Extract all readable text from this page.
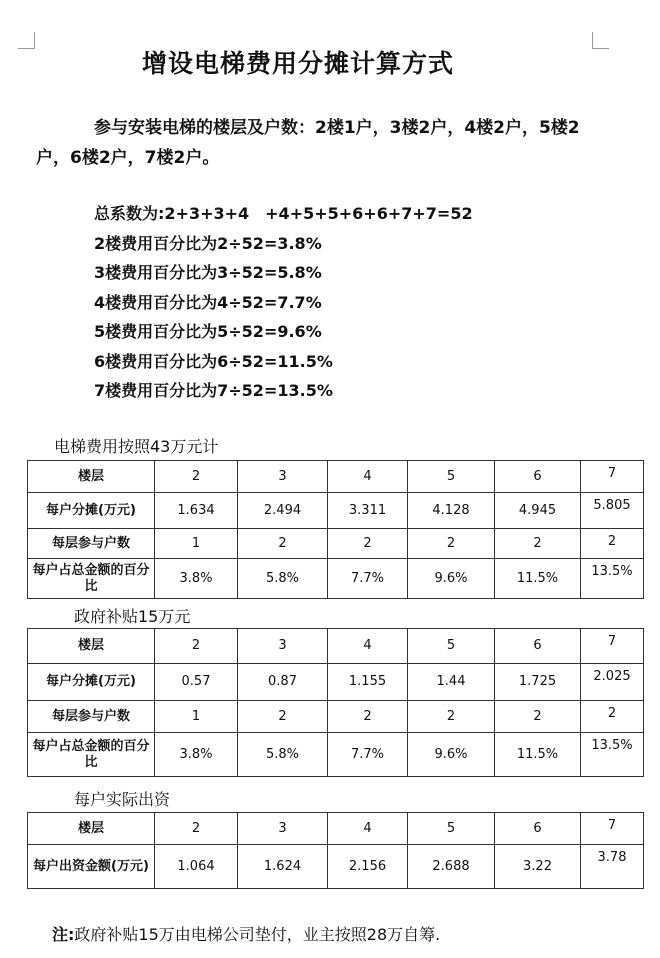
增设电梯费用分摊计算方式
参与安装电梯的楼层及户数：2楼1户，3楼2户，4楼2户，5楼2户，6楼2户，7楼2户。
总系数为:2+3+3+4　+4+5+5+6+6+7+7=52
2楼费用百分比为2÷52=3.8%
3楼费用百分比为3÷52=5.8%
4楼费用百分比为4÷52=7.7%
5楼费用百分比为5÷52=9.6%
6楼费用百分比为6÷52=11.5%
7楼费用百分比为7÷52=13.5%
电梯费用按照43万元计
楼层	2	3	4	5	6	7
每户分摊(万元)	1.634	2.494	3.311	4.128	4.945	5.805
每层参与户数	1	2	2	2	2	2
每户占总金额的百分比	3.8%	5.8%	7.7%	9.6%	11.5%	13.5%
政府补贴15万元
楼层	2	3	4	5	6	7
每户分摊(万元)	0.57	0.87	1.155	1.44	1.725	2.025
每层参与户数	1	2	2	2	2	2
每户占总金额的百分比	3.8%	5.8%	7.7%	9.6%	11.5%	13.5%
每户实际出资
楼层	2	3	4	5	6	7
每户出资金额(万元)	1.064	1.624	2.156	2.688	3.22	3.78
注:政府补贴15万由电梯公司垫付，业主按照28万自筹.
